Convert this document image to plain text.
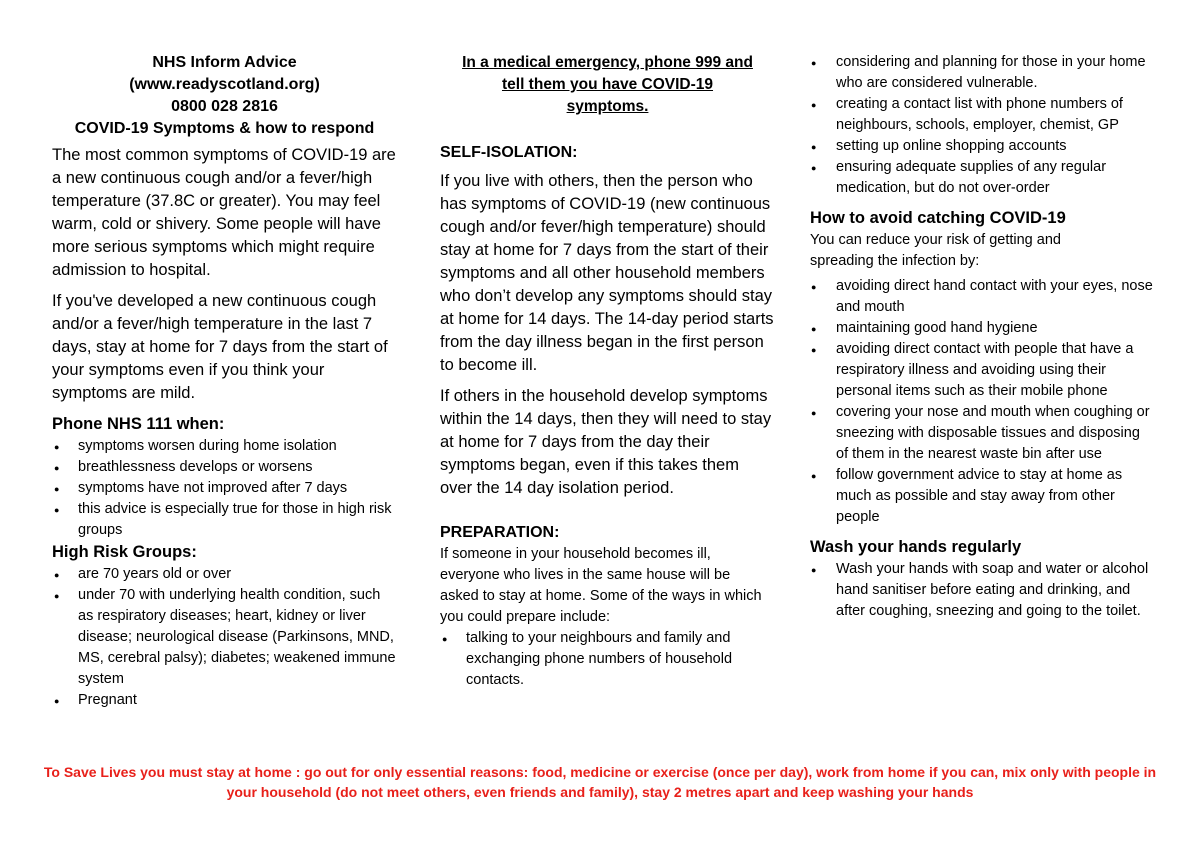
NHS Inform Advice
(www.readyscotland.org)
0800 028 2816
COVID-19 Symptoms & how to respond

The most common symptoms of COVID-19 are a new continuous cough and/or a fever/high temperature (37.8C or greater). You may feel warm, cold or shivery. Some people will have more serious symptoms which might require admission to hospital.

If you've developed a new continuous cough and/or a fever/high temperature in the last 7 days, stay at home for 7 days from the start of your symptoms even if you think your symptoms are mild.

Phone NHS 111 when:
● symptoms worsen during home isolation
● breathlessness develops or worsens
● symptoms have not improved after 7 days
● this advice is especially true for those in high risk groups
High Risk Groups:
● are 70 years old or over
● under 70 with underlying health condition, such as respiratory diseases; heart, kidney or liver disease; neurological disease (Parkinsons, MND, MS, cerebral palsy); diabetes; weakened immune system
● Pregnant
In a medical emergency, phone 999 and
tell them you have COVID-19
symptoms.
SELF-ISOLATION:

If you live with others, then the person who has symptoms of COVID-19 (new continuous cough and/or fever/high temperature) should stay at home for 7 days from the start of their symptoms and all other household members who don’t develop any symptoms should stay at home for 14 days. The 14-day period starts from the day illness began in the first person to become ill.

If others in the household develop symptoms within the 14 days, then they will need to stay at home for 7 days from the day their symptoms began, even if this takes them over the 14 day isolation period.

PREPARATION:

If someone in your household becomes ill, everyone who lives in the same house will be asked to stay at home. Some of the ways in which you could prepare include:

● talking to your neighbours and family and exchanging phone numbers of household contacts.
● considering and planning for those in your home who are considered vulnerable.
● creating a contact list with phone numbers of neighbours, schools, employer, chemist, GP
● setting up online shopping accounts
● ensuring adequate supplies of any regular medication, but do not over-order
How to avoid catching COVID-19

You can reduce your risk of getting and spreading the infection by:

● avoiding direct hand contact with your eyes, nose and mouth
● maintaining good hand hygiene
● avoiding direct contact with people that have a respiratory illness and avoiding using their personal items such as their mobile phone
● covering your nose and mouth when coughing or sneezing with disposable tissues and disposing of them in the nearest waste bin after use
● follow government advice to stay at home as much as possible and stay away from other people
Wash your hands regularly
● Wash your hands with soap and water or alcohol hand sanitiser before eating and drinking, and after coughing, sneezing and going to the toilet.
To Save Lives you must stay at home : go out for only essential reasons: food, medicine or exercise (once per day), work from home if you can, mix only with people in your household (do not meet others, even friends and family), stay 2 metres apart and keep washing your hands
